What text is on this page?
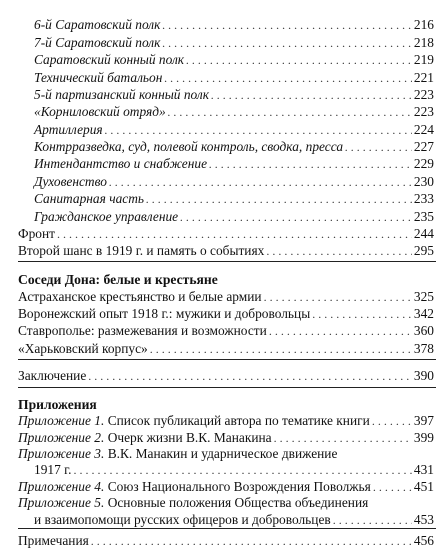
6-й Саратовский полк . . .	216
7-й Саратовский полк . . .	218
Саратовский конный полк . . .	219
Технический батальон . . .	221
5-й партизанский конный полк . . .	223
«Корниловский отряд» . . .	223
Артиллерия . . .	224
Контрразведка, суд, полевой контроль, сводка, пресса . . .	227
Интендантство и снабжение . . .	229
Духовенство . . .	230
Санитарная часть . . .	233
Гражданское управление . . .	235
Фронт . . .	244
Второй шанс в 1919 г. и память о событиях . . .	295
Соседи Дона: белые и крестьяне
Астраханское крестьянство и белые армии . . .	325
Воронежский опыт 1918 г.: мужики и добровольцы . . .	342
Ставрополье: размежевания и возможности . . .	360
«Харьковский корпус» . . .	378
Заключение . . .	390
Приложения
Приложение 1. Список публикаций автора по тематике книги . . .	397
Приложение 2. Очерк жизни В.К. Манакина . . .	399
Приложение 3. В.К. Манакин и ударническое движение
1917 г. . . .	431
Приложение 4. Союз Национального Возрождения Поволжья . . .	451
Приложение 5. Основные положения Общества объединения
и взаимопомощи русских офицеров и добровольцев . . .	453
Примечания . . .	456
